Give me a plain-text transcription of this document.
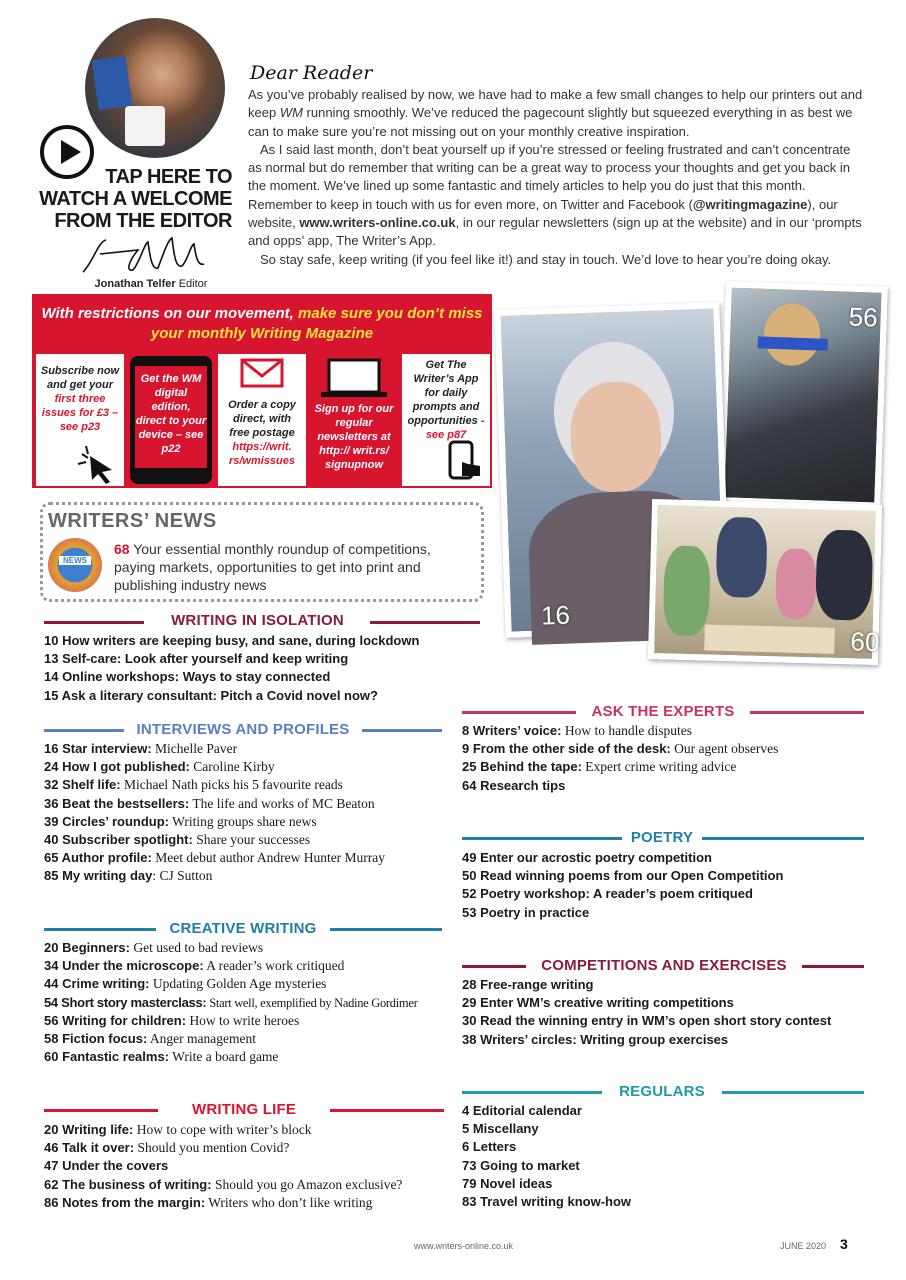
TAP HERE TO
WATCH A WELCOME
FROM THE EDITOR
Jonathan Telfer Editor
Dear Reader

As you’ve probably realised by now, we have had to make a few small changes to help our printers out and keep WM running smoothly. We’ve reduced the pagecount slightly but squeezed everything in as best we can to make sure you’re not missing out on your monthly creative inspiration.

As I said last month, don’t beat yourself up if you’re stressed or feeling frustrated and can’t concentrate as normal but do remember that writing can be a great way to process your thoughts and get you back in the moment. We’ve lined up some fantastic and timely articles to help you do just that this month. Remember to keep in touch with us for even more, on Twitter and Facebook (@writingmagazine), our website, www.writers-online.co.uk, in our regular newsletters (sign up at the website) and in our ‘prompts and opps’ app, The Writer’s App.

So stay safe, keep writing (if you feel like it!) and stay in touch. We’d love to hear you’re doing okay.

With restrictions on our movement, make sure you don’t miss your monthly Writing Magazine
Subscribe now and get your first three issues for £3 – see p23
Get the WM digital edition, direct to your device – see p22
Order a copy direct, with free postage https://writ. rs/wmissues
Sign up for our regular newsletters at http:// writ.rs/ signupnow
Get The Writer’s App for daily prompts and opportunities - see p87
WRITERS’ NEWS
NEWS
68 Your essential monthly roundup of competitions, paying markets, opportunities to get into print and publishing industry news
56
16
60
WRITING IN ISOLATION
10 How writers are keeping busy, and sane, during lockdown
13 Self-care: Look after yourself and keep writing
14 Online workshops: Ways to stay connected
15 Ask a literary consultant: Pitch a Covid novel now?
INTERVIEWS AND PROFILES
16 Star interview: Michelle Paver
24 How I got published: Caroline Kirby
32 Shelf life: Michael Nath picks his 5 favourite reads
36 Beat the bestsellers: The life and works of MC Beaton
39 Circles’ roundup: Writing groups share news
40 Subscriber spotlight: Share your successes
65 Author profile: Meet debut author Andrew Hunter Murray
85 My writing day: CJ Sutton
CREATIVE WRITING
20 Beginners: Get used to bad reviews
34 Under the microscope: A reader’s work critiqued
44 Crime writing: Updating Golden Age mysteries
54 Short story masterclass: Start well, exemplified by Nadine Gordimer
56 Writing for children: How to write heroes
58 Fiction focus: Anger management
60 Fantastic realms: Write a board game
WRITING LIFE
20 Writing life: How to cope with writer’s block
46 Talk it over: Should you mention Covid?
47 Under the covers
62 The business of writing: Should you go Amazon exclusive?
86 Notes from the margin: Writers who don’t like writing
ASK THE EXPERTS
8 Writers’ voice: How to handle disputes
9 From the other side of the desk: Our agent observes
25 Behind the tape: Expert crime writing advice
64 Research tips
POETRY
49 Enter our acrostic poetry competition
50 Read winning poems from our Open Competition
52 Poetry workshop: A reader’s poem critiqued
53 Poetry in practice
COMPETITIONS AND EXERCISES
28 Free-range writing
29 Enter WM’s creative writing competitions
30 Read the winning entry in WM’s open short story contest
38 Writers’ circles: Writing group exercises
REGULARS
4 Editorial calendar
5 Miscellany
6 Letters
73 Going to market
79 Novel ideas
83 Travel writing know-how
www.writers-online.co.uk	JUNE 2020 3
